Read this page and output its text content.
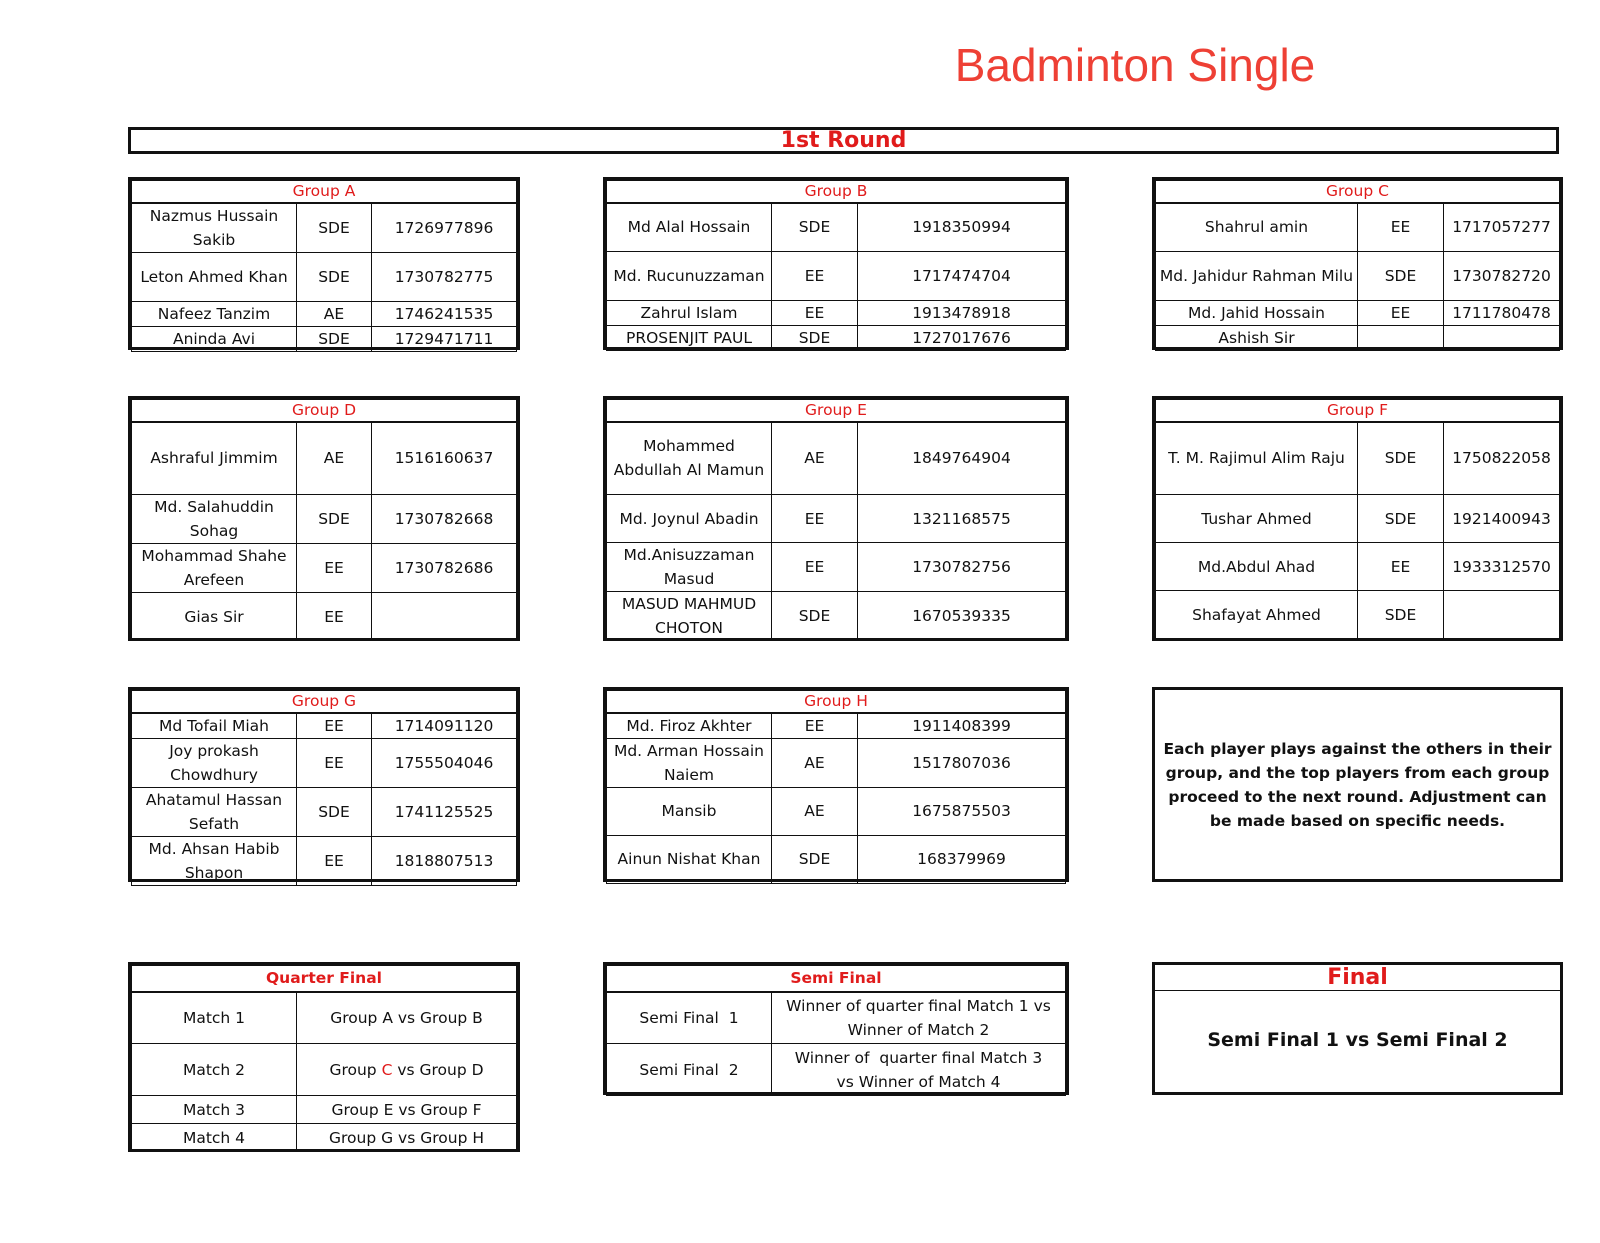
Badminton Single
1st Round
Group A		
Nazmus Hussain Sakib	SDE	1726977896
Leton Ahmed Khan	SDE	1730782775
Nafeez Tanzim	AE	1746241535
Aninda Avi	SDE	1729471711
Group B		
Md Alal Hossain	SDE	1918350994
Md. Rucunuzzaman	EE	1717474704
Zahrul Islam	EE	1913478918
PROSENJIT PAUL	SDE	1727017676
Group C		
Shahrul amin	EE	1717057277
Md. Jahidur Rahman Milu	SDE	1730782720
Md. Jahid Hossain	EE	1711780478
Ashish Sir		
Group D		
Ashraful Jimmim	AE	1516160637
Md. Salahuddin Sohag	SDE	1730782668
Mohammad Shahe Arefeen	EE	1730782686
Gias Sir	EE	
Group E		
Mohammed Abdullah Al Mamun	AE	1849764904
Md. Joynul Abadin	EE	1321168575
Md.Anisuzzaman Masud	EE	1730782756
MASUD MAHMUD CHOTON	SDE	1670539335
Group F		
T. M. Rajimul Alim Raju	SDE	1750822058
Tushar Ahmed	SDE	1921400943
Md.Abdul Ahad	EE	1933312570
Shafayat Ahmed	SDE	
Group G		
Md Tofail Miah	EE	1714091120
Joy prokash Chowdhury	EE	1755504046
Ahatamul Hassan Sefath	SDE	1741125525
Md. Ahsan Habib Shapon	EE	1818807513
Group H		
Md. Firoz Akhter	EE	1911408399
Md. Arman Hossain Naiem	AE	1517807036
Mansib	AE	1675875503
Ainun Nishat Khan	SDE	168379969
Each player plays against the others in their group, and the top players from each group proceed to the next round. Adjustment can be made based on specific needs.
Quarter Final	
Match 1	Group A vs Group B
Match 2	Group C vs Group D
Match 3	Group E vs Group F
Match 4	Group G vs Group H
Semi Final	
Semi Final  1	Winner of quarter final Match 1 vs Winner of Match 2
Semi Final  2	Winner of  quarter final Match 3 vs Winner of Match 4
Final
Semi Final 1 vs Semi Final 2
